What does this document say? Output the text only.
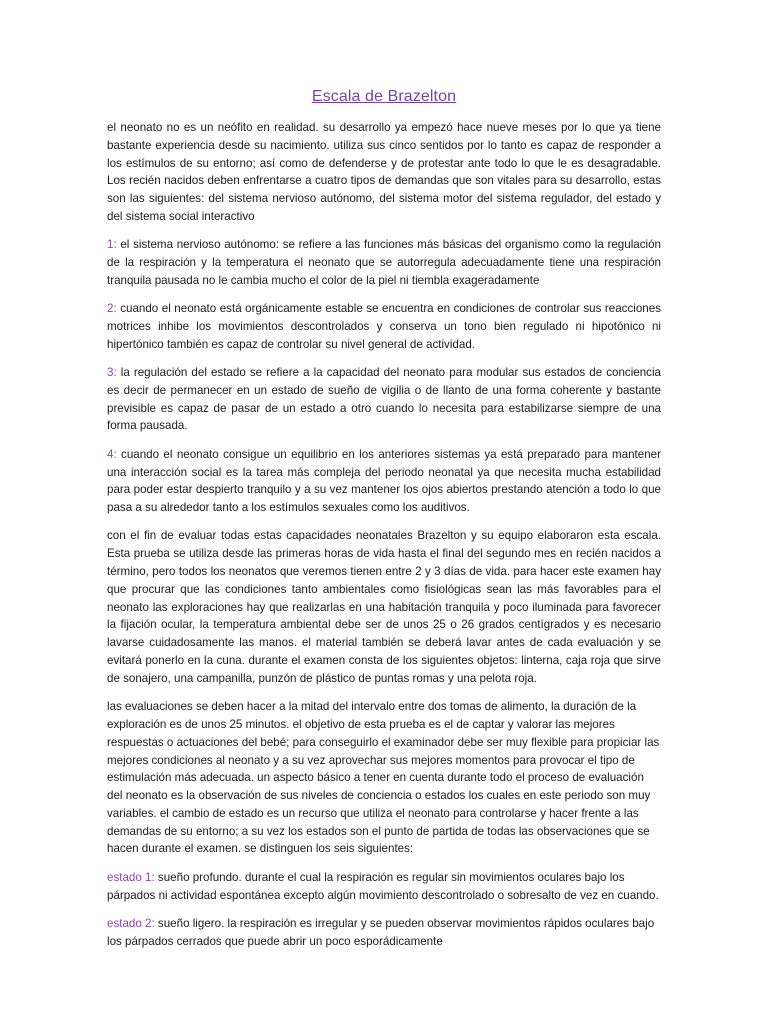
Escala de Brazelton

el neonato no es un neófito en realidad. su desarrollo ya empezó hace nueve meses por lo que ya tiene bastante experiencia desde su nacimiento. utiliza sus cinco sentidos por lo tanto es capaz de responder a los estímulos de su entorno; así como de defenderse y de protestar ante todo lo que le es desagradable. Los recién nacidos deben enfrentarse a cuatro tipos de demandas que son vitales para su desarrollo, estas son las siguientes: del sistema nervioso autónomo, del sistema motor del sistema regulador, del estado y del sistema social interactivo

1: el sistema nervioso autónomo: se refiere a las funciones más básicas del organismo como la regulación de la respiración y la temperatura el neonato que se autorregula adecuadamente tiene una respiración tranquila pausada no le cambia mucho el color de la piel ni tiembla exageradamente

2: cuando el neonato está orgánicamente estable se encuentra en condiciones de controlar sus reacciones motrices inhibe los movimientos descontrolados y conserva un tono bien regulado ni hipotónico ni hipertónico también es capaz de controlar su nivel general de actividad.

3: la regulación del estado se refiere a la capacidad del neonato para modular sus estados de conciencia es decir de permanecer en un estado de sueño de vigilia o de llanto de una forma coherente y bastante previsible es capaz de pasar de un estado a otro cuando lo necesita para estabilizarse siempre de una forma pausada.

4: cuando el neonato consigue un equilibrio en los anteriores sistemas ya está preparado para mantener una interacción social es la tarea más compleja del periodo neonatal ya que necesita mucha estabilidad para poder estar despierto tranquilo y a su vez mantener los ojos abiertos prestando atención a todo lo que pasa a su alrededor tanto a los estímulos sexuales como los auditivos.

con el fin de evaluar todas estas capacidades neonatales Brazelton y su equipo elaboraron esta escala. Esta prueba se utiliza desde las primeras horas de vida hasta el final del segundo mes en recién nacidos a término, pero todos los neonatos que veremos tienen entre 2 y 3 días de vida. para hacer este examen hay que procurar que las condiciones tanto ambientales como fisiológicas sean las más favorables para el neonato las exploraciones hay que realizarlas en una habitación tranquila y poco iluminada para favorecer la fijación ocular, la temperatura ambiental debe ser de unos 25 o 26 grados centígrados y es necesario lavarse cuidadosamente las manos. el material también se deberá lavar antes de cada evaluación y se evitará ponerlo en la cuna. durante el examen consta de los siguientes objetos: linterna, caja roja que sirve de sonajero, una campanilla, punzón de plástico de puntas romas y una pelota roja.

las evaluaciones se deben hacer a la mitad del intervalo entre dos tomas de alimento, la duración de la exploración es de unos 25 minutos. el objetivo de esta prueba es el de captar y valorar las mejores respuestas o actuaciones del bebé; para conseguirlo el examinador debe ser muy flexible para propiciar las mejores condiciones al neonato y a su vez aprovechar sus mejores momentos para provocar el tipo de estimulación más adecuada. un aspecto básico a tener en cuenta durante todo el proceso de evaluación del neonato es la observación de sus niveles de conciencia o estados los cuales en este periodo son muy variables. el cambio de estado es un recurso que utiliza el neonato para controlarse y hacer frente a las demandas de su entorno; a su vez los estados son el punto de partida de todas las observaciones que se hacen durante el examen. se distinguen los seis siguientes:

estado 1: sueño profundo. durante el cual la respiración es regular sin movimientos oculares bajo los párpados ni actividad espontánea excepto algún movimiento descontrolado o sobresalto de vez en cuando.

estado 2: sueño ligero. la respiración es irregular y se pueden observar movimientos rápidos oculares bajo los párpados cerrados que puede abrir un poco esporádicamente
